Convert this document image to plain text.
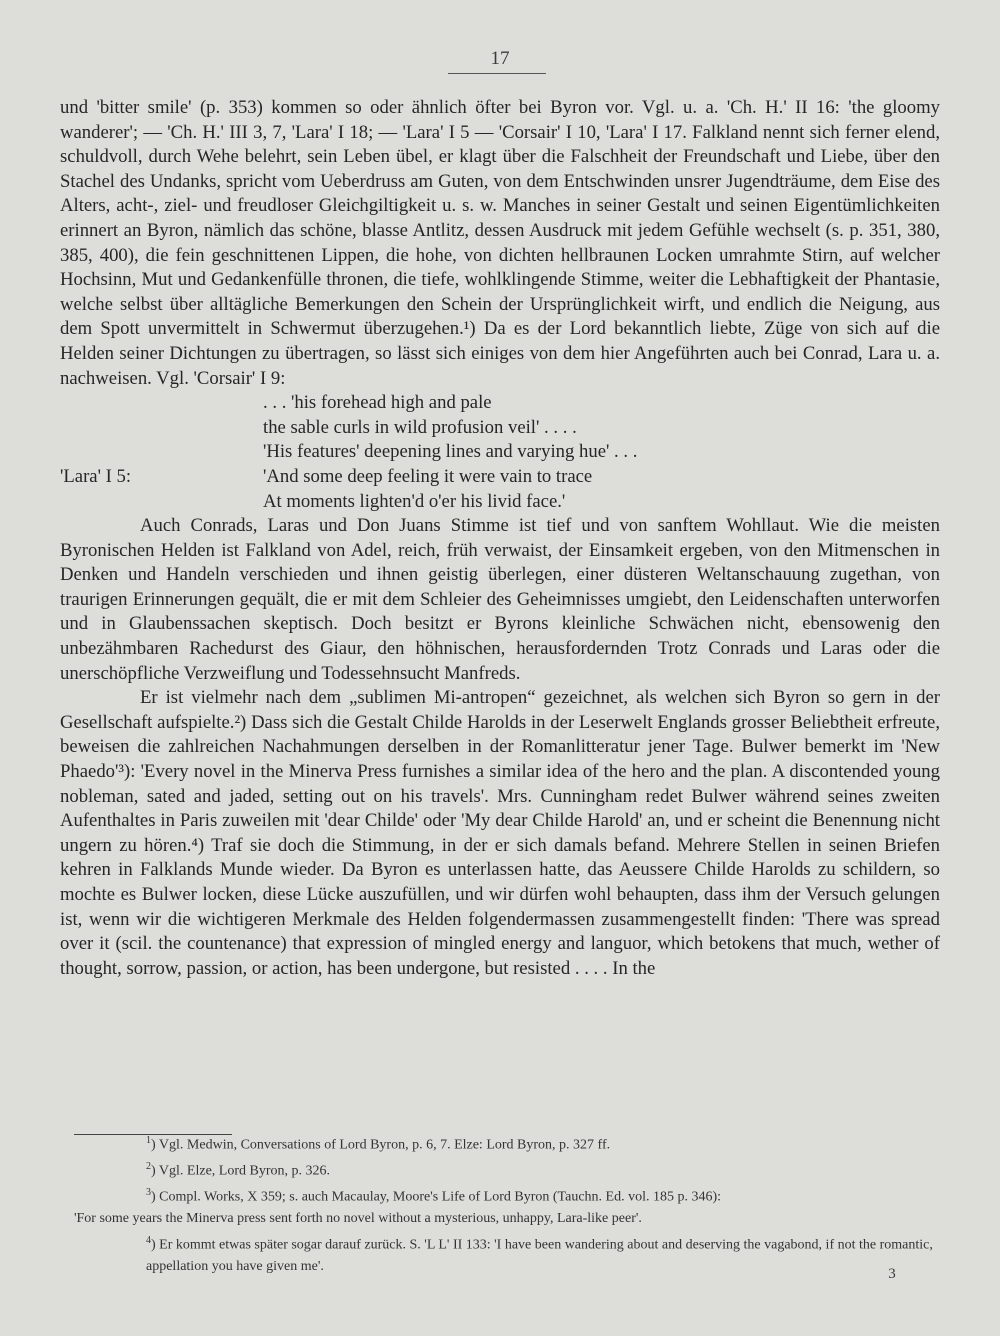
17

und 'bitter smile' (p. 353) kommen so oder ähnlich öfter bei Byron vor. Vgl. u. a. 'Ch. H.' II 16: 'the gloomy wanderer'; — 'Ch. H.' III 3, 7, 'Lara' I 18; — 'Lara' I 5 — 'Corsair' I 10, 'Lara' I 17. Falkland nennt sich ferner elend, schuldvoll, durch Wehe belehrt, sein Leben übel, er klagt über die Falschheit der Freundschaft und Liebe, über den Stachel des Undanks, spricht vom Ueberdruss am Guten, von dem Entschwinden unsrer Jugendträume, dem Eise des Alters, acht-, ziel- und freudloser Gleichgiltigkeit u. s. w. Manches in seiner Gestalt und seinen Eigentümlichkeiten erinnert an Byron, nämlich das schöne, blasse Antlitz, dessen Ausdruck mit jedem Gefühle wechselt (s. p. 351, 380, 385, 400), die fein geschnittenen Lippen, die hohe, von dichten hellbraunen Locken umrahmte Stirn, auf welcher Hochsinn, Mut und Gedankenfülle thronen, die tiefe, wohlklingende Stimme, weiter die Lebhaftigkeit der Phantasie, welche selbst über alltägliche Bemerkungen den Schein der Ursprünglichkeit wirft, und endlich die Neigung, aus dem Spott unvermittelt in Schwermut überzugehen.¹) Da es der Lord bekanntlich liebte, Züge von sich auf die Helden seiner Dichtungen zu übertragen, so lässt sich einiges von dem hier Angeführten auch bei Conrad, Lara u. a. nachweisen. Vgl. 'Corsair' I 9:

. . . 'his forehead high and pale
the sable curls in wild profusion veil' . . . .
'His features' deepening lines and varying hue' . . .
'Lara' I 5:	'And some deep feeling it were vain to trace
At moments lighten'd o'er his livid face.'

Auch Conrads, Laras und Don Juans Stimme ist tief und von sanftem Wohllaut. Wie die meisten Byronischen Helden ist Falkland von Adel, reich, früh verwaist, der Einsamkeit ergeben, von den Mitmenschen in Denken und Handeln verschieden und ihnen geistig überlegen, einer düsteren Weltanschauung zugethan, von traurigen Erinnerungen gequält, die er mit dem Schleier des Geheimnisses umgiebt, den Leidenschaften unterworfen und in Glaubenssachen skeptisch. Doch besitzt er Byrons kleinliche Schwächen nicht, ebensowenig den unbezähmbaren Rachedurst des Giaur, den höhnischen, herausfordernden Trotz Conrads und Laras oder die unerschöpfliche Verzweiflung und Todessehnsucht Manfreds.

Er ist vielmehr nach dem „sublimen Mi-antropen“ gezeichnet, als welchen sich Byron so gern in der Gesellschaft aufspielte.²) Dass sich die Gestalt Childe Harolds in der Leserwelt Englands grosser Beliebtheit erfreute, beweisen die zahlreichen Nachahmungen derselben in der Romanlitteratur jener Tage. Bulwer bemerkt im 'New Phaedo'³): 'Every novel in the Minerva Press furnishes a similar idea of the hero and the plan. A discontended young nobleman, sated and jaded, setting out on his travels'. Mrs. Cunningham redet Bulwer während seines zweiten Aufenthaltes in Paris zuweilen mit 'dear Childe' oder 'My dear Childe Harold' an, und er scheint die Benennung nicht ungern zu hören.⁴) Traf sie doch die Stimmung, in der er sich damals befand. Mehrere Stellen in seinen Briefen kehren in Falklands Munde wieder. Da Byron es unterlassen hatte, das Aeussere Childe Harolds zu schildern, so mochte es Bulwer locken, diese Lücke auszufüllen, und wir dürfen wohl behaupten, dass ihm der Versuch gelungen ist, wenn wir die wichtigeren Merkmale des Helden folgendermassen zusammengestellt finden: 'There was spread over it (scil. the countenance) that expression of mingled energy and languor, which betokens that much, wether of thought, sorrow, passion, or action, has been undergone, but resisted . . . . In the

$^1$) Vgl. Medwin, Conversations of Lord Byron, p. 6, 7. Elze: Lord Byron, p. 327 ff.

$^2$) Vgl. Elze, Lord Byron, p. 326.

$^3$) Compl. Works, X 359; s. auch Macaulay, Moore's Life of Lord Byron (Tauchn. Ed. vol. 185 p. 346):

'For some years the Minerva press sent forth no novel without a mysterious, unhappy, Lara-like peer'.

$^4$) Er kommt etwas später sogar darauf zurück. S. 'L L' II 133: 'I have been wandering about and deserving the vagabond, if not the romantic, appellation you have given me'.	3
